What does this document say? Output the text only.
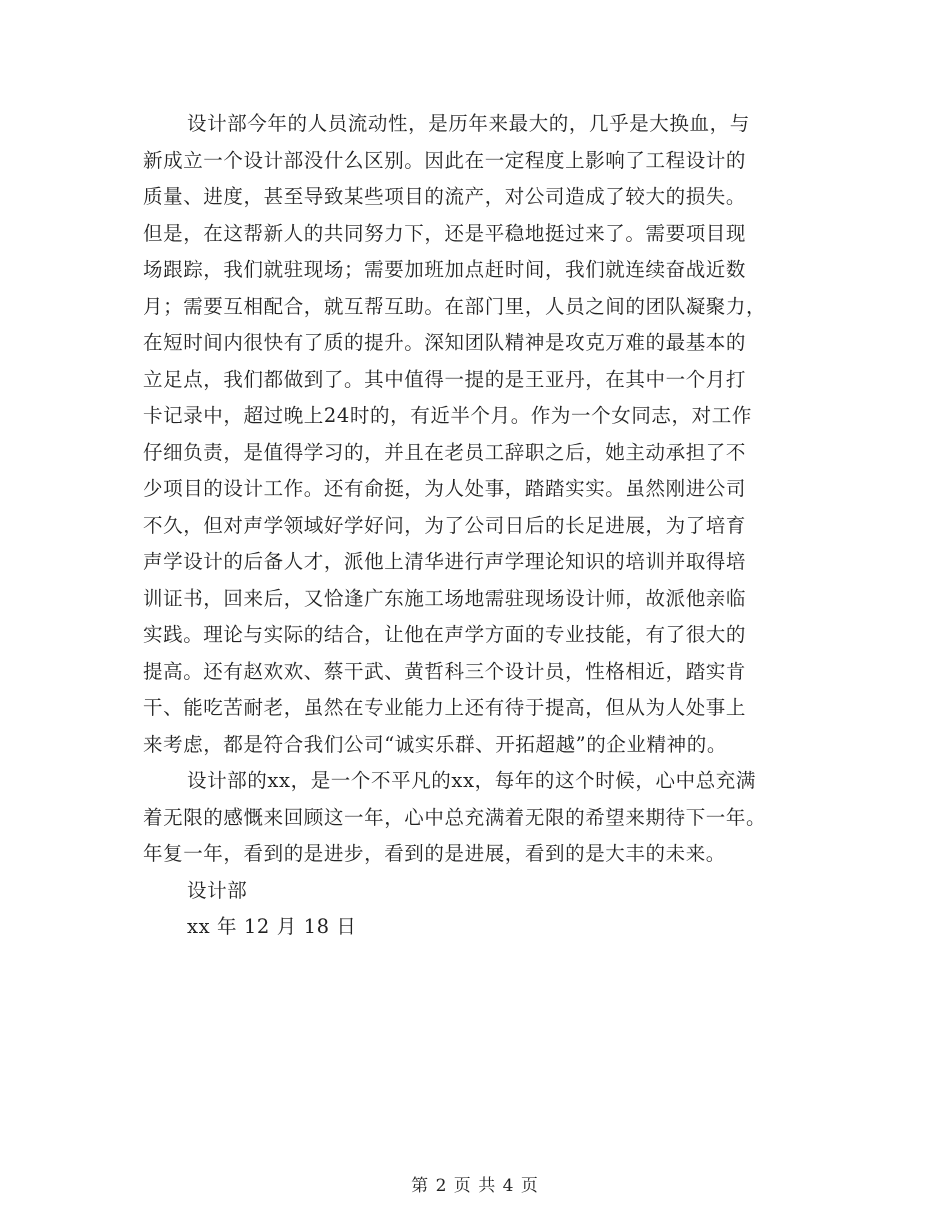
设计部今年的人员流动性，是历年来最大的，几乎是大换血，与
新成立一个设计部没什么区别。因此在一定程度上影响了工程设计的
质量、进度，甚至导致某些项目的流产，对公司造成了较大的损失。
但是，在这帮新人的共同努力下，还是平稳地挺过来了。需要项目现
场跟踪，我们就驻现场；需要加班加点赶时间，我们就连续奋战近数
月；需要互相配合，就互帮互助。在部门里，人员之间的团队凝聚力，
在短时间内很快有了质的提升。深知团队精神是攻克万难的最基本的
立足点，我们都做到了。其中值得一提的是王亚丹，在其中一个月打
卡记录中，超过晚上24时的，有近半个月。作为一个女同志，对工作
仔细负责，是值得学习的，并且在老员工辞职之后，她主动承担了不
少项目的设计工作。还有俞挺，为人处事，踏踏实实。虽然刚进公司
不久，但对声学领域好学好问，为了公司日后的长足进展，为了培育
声学设计的后备人才，派他上清华进行声学理论知识的培训并取得培
训证书，回来后，又恰逢广东施工场地需驻现场设计师，故派他亲临
实践。理论与实际的结合，让他在声学方面的专业技能，有了很大的
提高。还有赵欢欢、蔡干武、黄哲科三个设计员，性格相近，踏实肯
干、能吃苦耐老，虽然在专业能力上还有待于提高，但从为人处事上
来考虑，都是符合我们公司“诚实乐群、开拓超越”的企业精神的。
设计部的xx，是一个不平凡的xx，每年的这个时候，心中总充满
着无限的感慨来回顾这一年，心中总充满着无限的希望来期待下一年。
年复一年，看到的是进步，看到的是进展，看到的是大丰的未来。
设计部
xx 年 12 月 18 日
第 2 页 共 4 页
